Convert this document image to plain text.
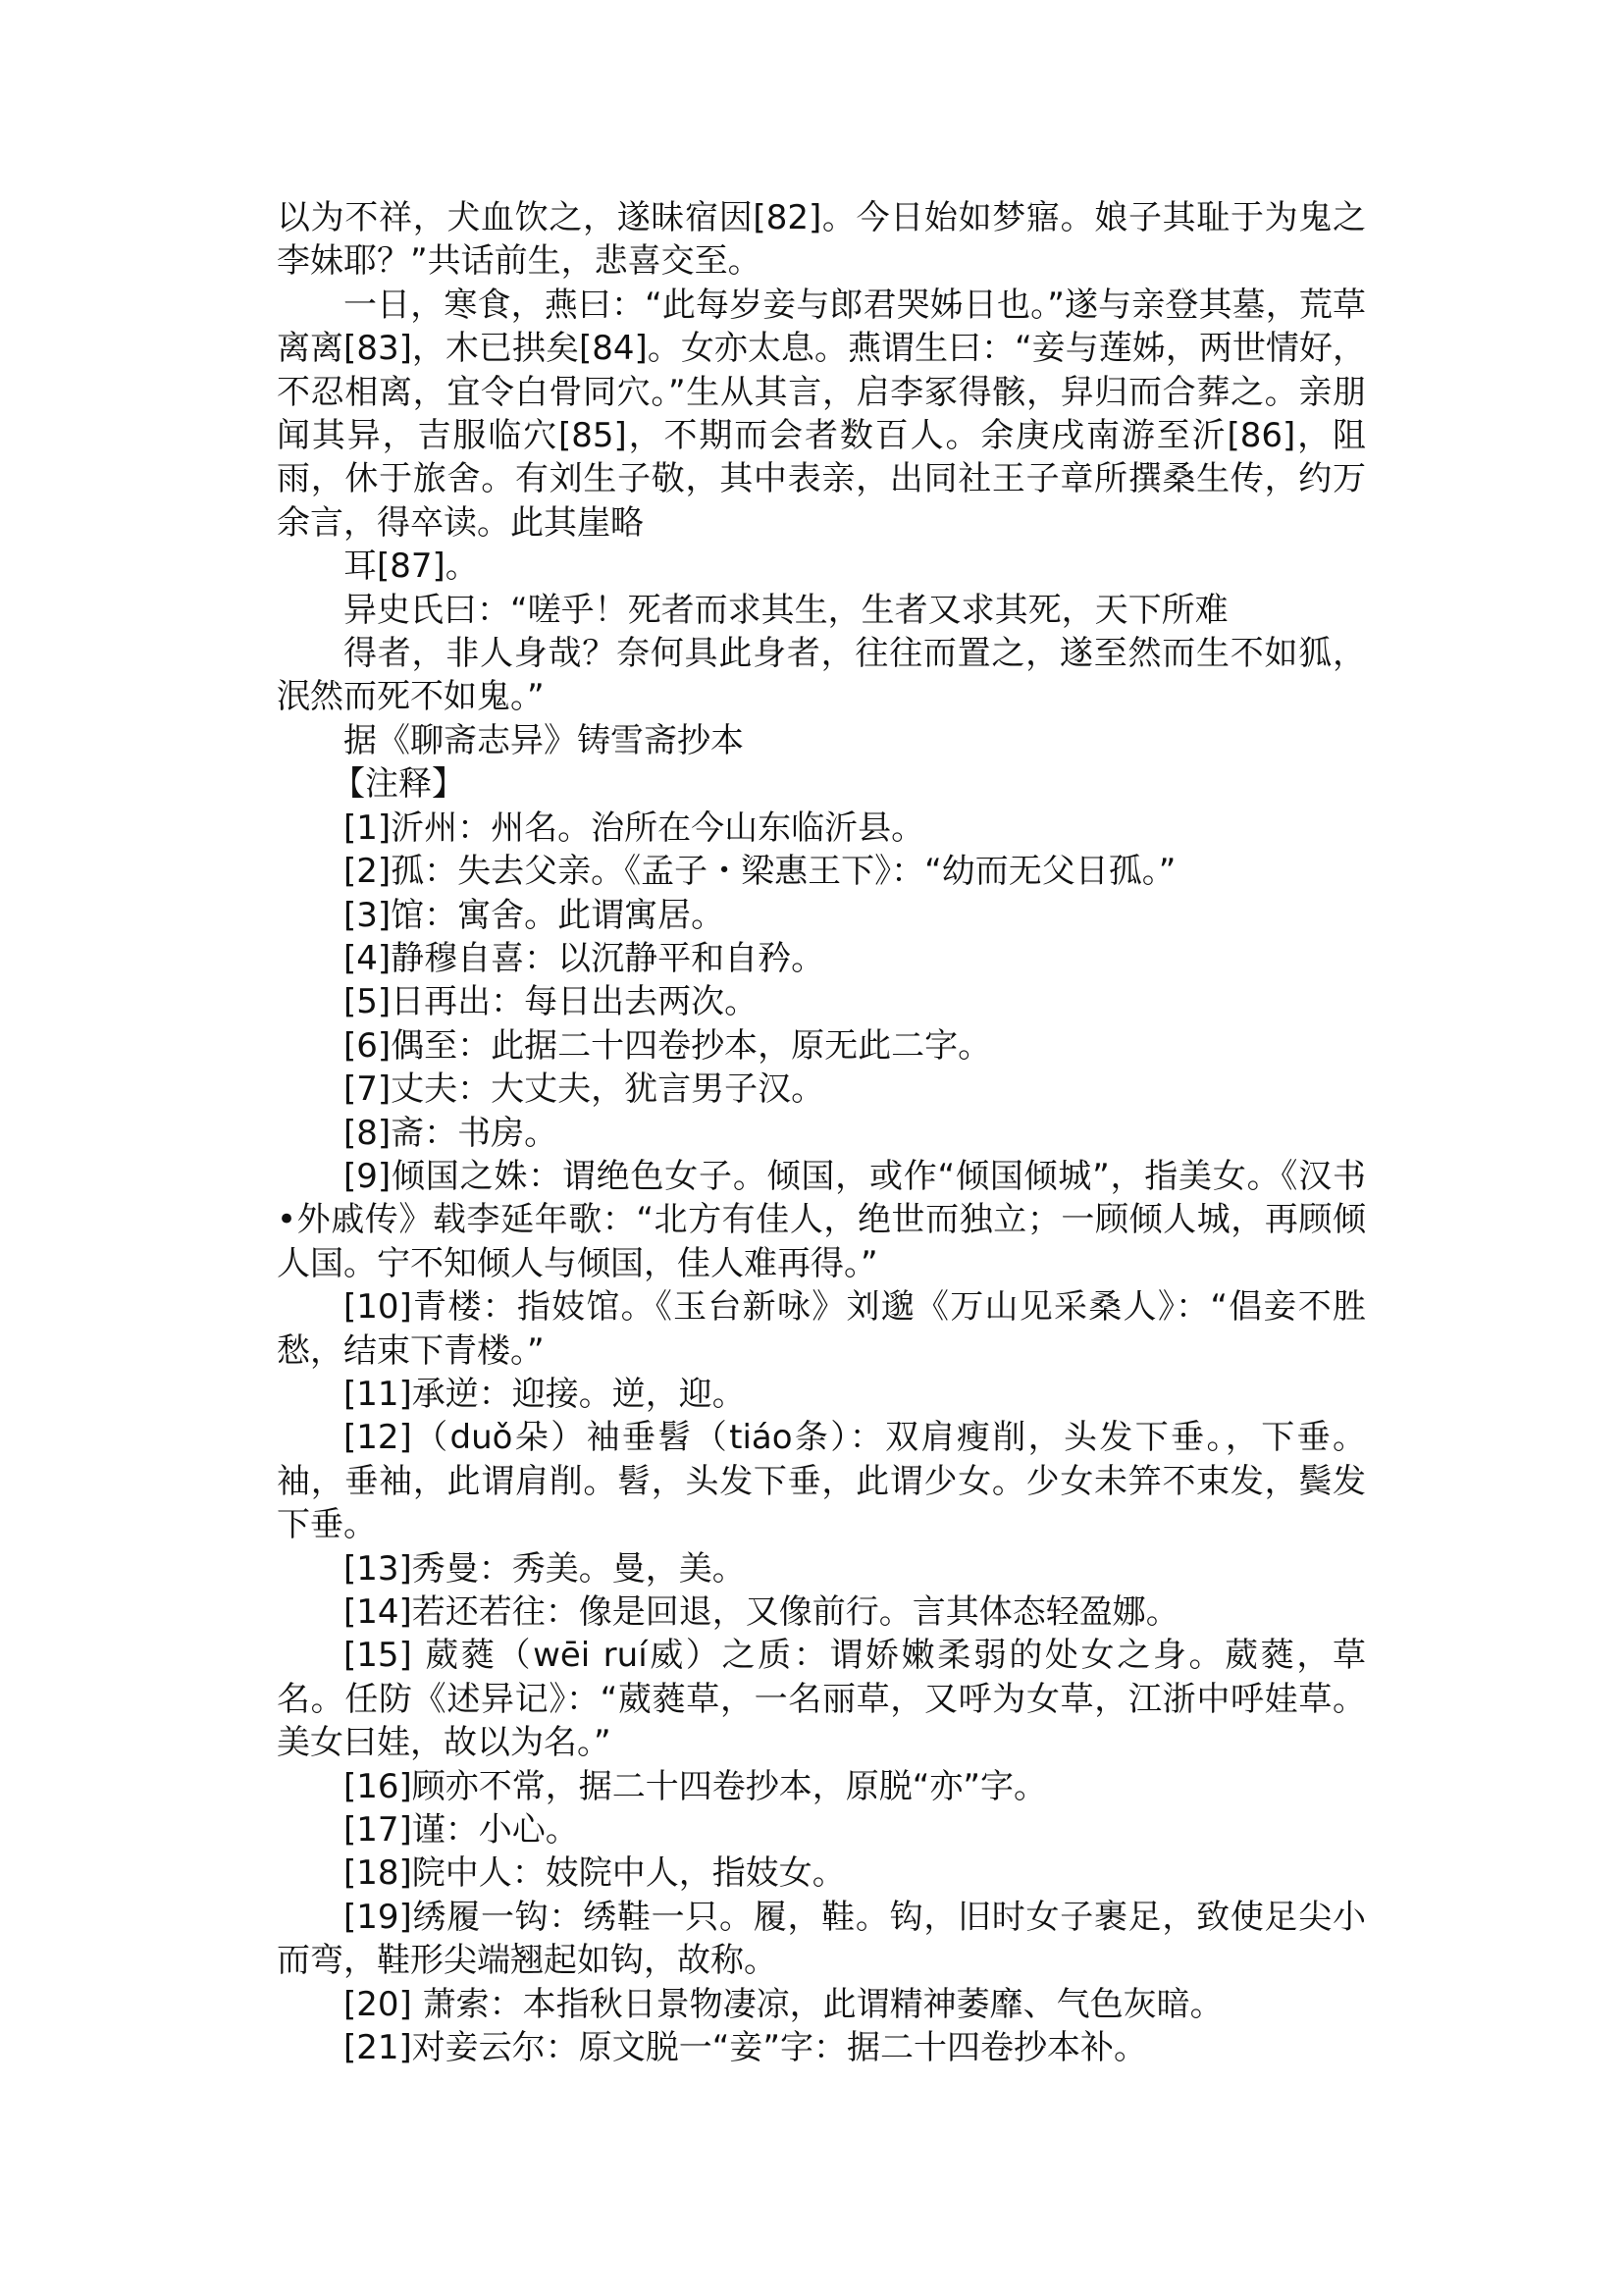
以为不祥，犬血饮之，遂昧宿因[82]。今日始如梦寤。娘子其耻于为鬼之李妹耶？”共话前生，悲喜交至。

一日，寒食，燕曰：“此每岁妾与郎君哭姊日也。”遂与亲登其墓，荒草离离[83]，木已拱矣[84]。女亦太息。燕谓生曰：“妾与莲姊，两世情好，不忍相离，宜令白骨同穴。”生从其言，启李冢得骸，舁归而合葬之。亲朋闻其异，吉服临穴[85]，不期而会者数百人。余庚戌南游至沂[86]，阻雨，休于旅舍。有刘生子敬，其中表亲，出同社王子章所撰桑生传，约万余言，得卒读。此其崖略

耳[87]。

异史氏曰：“嗟乎！死者而求其生，生者又求其死，天下所难

得者，非人身哉？奈何具此身者，往往而置之，遂至然而生不如狐，泯然而死不如鬼。”

据《聊斋志异》铸雪斋抄本

【注释】

[1]沂州：州名。治所在今山东临沂县。

[2]孤：失去父亲。《孟子・梁惠王下》：“幼而无父日孤。”

[3]馆：寓舍。此谓寓居。

[4]静穆自喜：以沉静平和自矜。

[5]日再出：每日出去两次。

[6]偶至：此据二十四卷抄本，原无此二字。

[7]丈夫：大丈夫，犹言男子汉。

[8]斋：书房。

[9]倾国之姝：谓绝色女子。倾国，或作“倾国倾城”，指美女。《汉书 •外戚传》载李延年歌：“北方有佳人，绝世而独立；一顾倾人城，再顾倾人国。宁不知倾人与倾国，佳人难再得。”

[10]青楼：指妓馆。《玉台新咏》刘邈《万山见采桑人》：“倡妾不胜愁，结束下青楼。”

[11]承逆：迎接。逆，迎。

[12]（duǒ朵）袖垂髫（tiáo条）：双肩瘦削，头发下垂。，下垂。袖，垂袖，此谓肩削。髫，头发下垂，此谓少女。少女未笄不束发，鬓发下垂。

[13]秀曼：秀美。曼，美。

[14]若还若往：像是回退，又像前行。言其体态轻盈娜。

[15] 葳蕤（wēi ruí威）之质：谓娇嫩柔弱的处女之身。葳蕤，草名。任防《述异记》：“葳蕤草，一名丽草，又呼为女草，江浙中呼娃草。美女曰娃，故以为名。”

[16]顾亦不常，据二十四卷抄本，原脱“亦”字。

[17]谨：小心。

[18]院中人：妓院中人，指妓女。

[19]绣履一钩：绣鞋一只。履，鞋。钩，旧时女子裹足，致使足尖小而弯，鞋形尖端翘起如钩，故称。

[20] 萧索：本指秋日景物凄凉，此谓精神萎靡、气色灰暗。

[21]对妾云尔：原文脱一“妾”字：据二十四卷抄本补。
